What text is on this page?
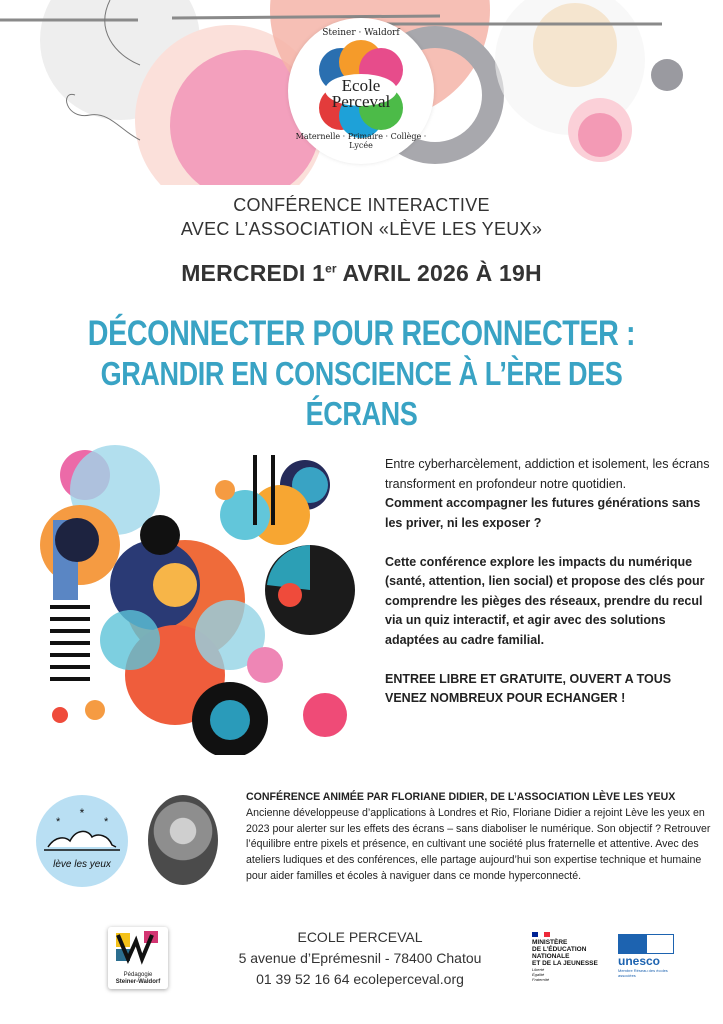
Steiner · Waldorf
Ecole
Perceval
Maternelle · Primaire · Collège · Lycée
CONFÉRENCE INTERACTIVE
AVEC L’ASSOCIATION «LÈVE LES YEUX»
MERCREDI 1er AVRIL 2026 À 19H
DÉCONNECTER POUR RECONNECTER :
GRANDIR EN CONSCIENCE À L’ÈRE DES ÉCRANS

Entre cyberharcèlement, addiction et isolement, les écrans transforment en profondeur notre quotidien.

Comment accompagner les futures générations sans les priver, ni les exposer ?

Cette conférence explore les impacts du numérique (santé, attention, lien social) et propose des clés pour comprendre les pièges des réseaux, prendre du recul via un quiz interactif, et agir avec des solutions adaptées au cadre familial.

ENTREE LIBRE ET GRATUITE, OUVERT A TOUS

VENEZ NOMBREUX POUR ECHANGER !

*
*	*
lève les yeux

CONFÉRENCE ANIMÉE PAR FLORIANE DIDIER, DE L’ASSOCIATION LÈVE LES YEUX

Ancienne développeuse d’applications à Londres et Rio, Floriane Didier a rejoint Lève les yeux en 2023 pour alerter sur les effets des écrans – sans diaboliser le numérique. Son objectif ? Retrouver l’équilibre entre pixels et présence, en cultivant une société plus fraternelle et attentive. Avec des ateliers ludiques et des conférences, elle partage aujourd’hui son expertise technique et humaine pour aider familles et écoles à naviguer dans ce monde hyperconnecté.

Pédagogie
Steiner-Waldorf
ECOLE PERCEVAL
5 avenue d’Eprémesnil - 78400 Chatou
01 39 52 16 64 ecoleperceval.org
MINISTÈRE
DE L’ÉDUCATION
NATIONALE
ET DE LA JEUNESSE
Liberté Égalité Fraternité
unesco
Membre Réseau des écoles associées
